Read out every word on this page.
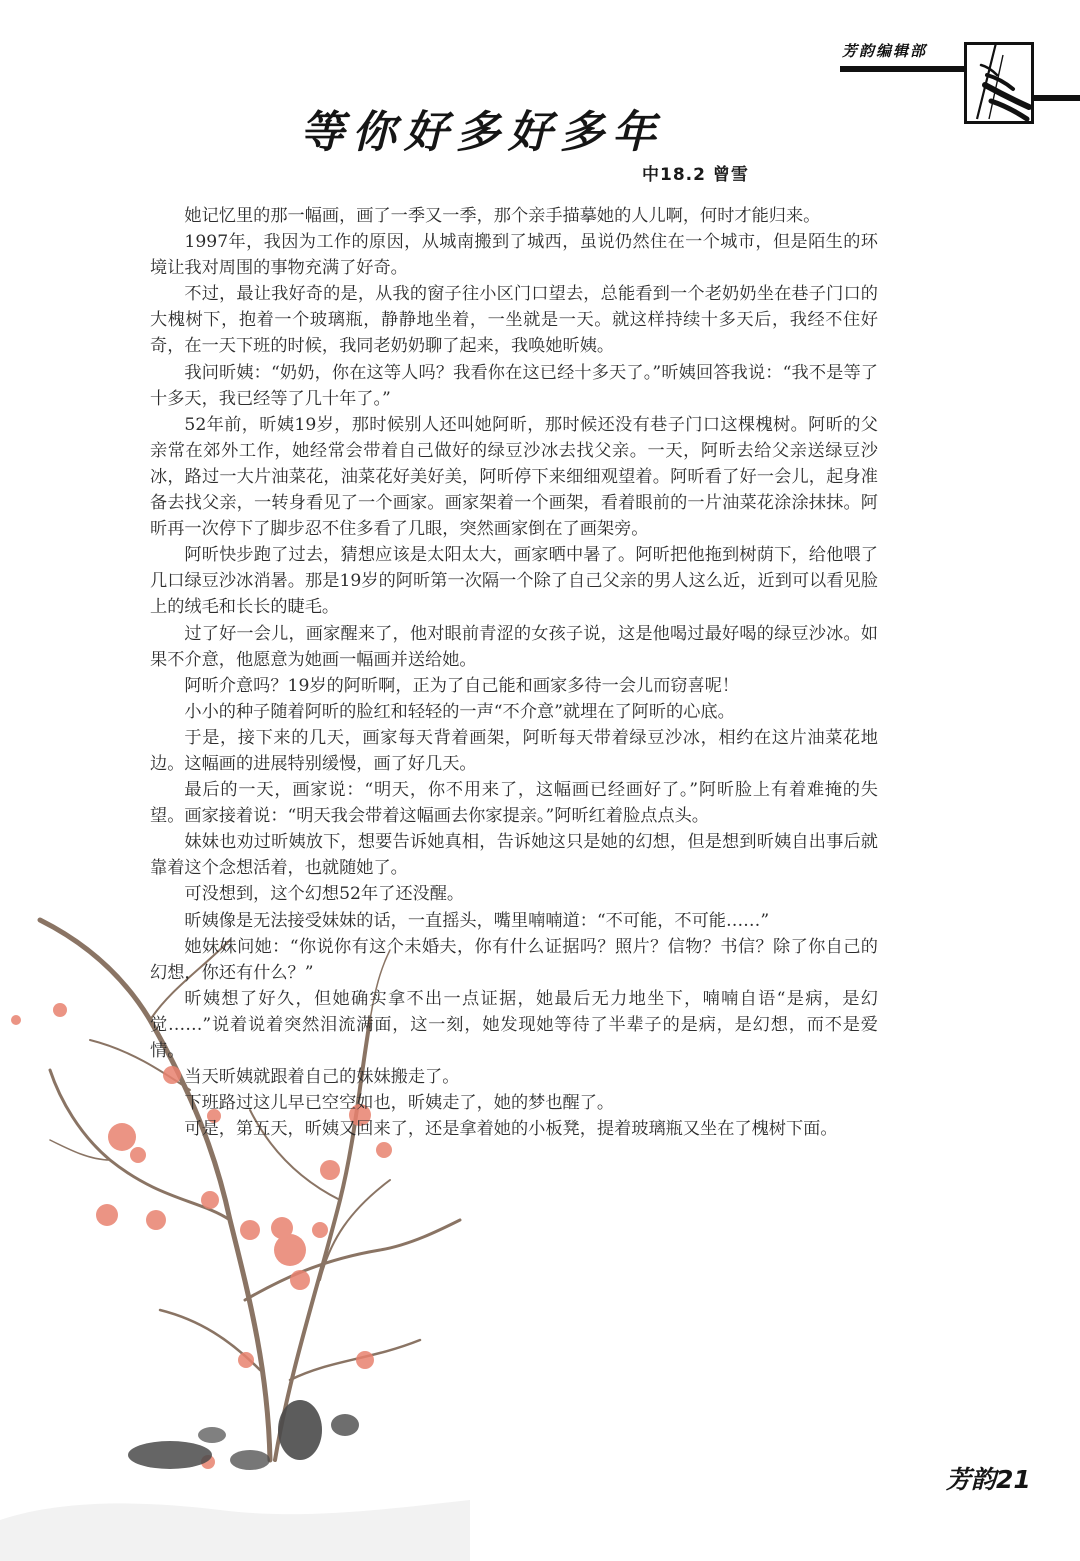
芳韵编辑部
等你好多好多年
中18.2 曾雪

她记忆里的那一幅画，画了一季又一季，那个亲手描摹她的人儿啊，何时才能归来。

1997年，我因为工作的原因，从城南搬到了城西，虽说仍然住在一个城市，但是陌生的环境让我对周围的事物充满了好奇。

不过，最让我好奇的是，从我的窗子往小区门口望去，总能看到一个老奶奶坐在巷子门口的大槐树下，抱着一个玻璃瓶，静静地坐着，一坐就是一天。就这样持续十多天后，我经不住好奇，在一天下班的时候，我同老奶奶聊了起来，我唤她昕姨。

我问昕姨：“奶奶，你在这等人吗？我看你在这已经十多天了。”昕姨回答我说：“我不是等了十多天，我已经等了几十年了。”

52年前，昕姨19岁，那时候别人还叫她阿昕，那时候还没有巷子门口这棵槐树。阿昕的父亲常在郊外工作，她经常会带着自己做好的绿豆沙冰去找父亲。一天，阿昕去给父亲送绿豆沙冰，路过一大片油菜花，油菜花好美好美，阿昕停下来细细观望着。阿昕看了好一会儿，起身准备去找父亲，一转身看见了一个画家。画家架着一个画架，看着眼前的一片油菜花涂涂抹抹。阿昕再一次停下了脚步忍不住多看了几眼，突然画家倒在了画架旁。

阿昕快步跑了过去，猜想应该是太阳太大，画家晒中暑了。阿昕把他拖到树荫下，给他喂了几口绿豆沙冰消暑。那是19岁的阿昕第一次隔一个除了自己父亲的男人这么近，近到可以看见脸上的绒毛和长长的睫毛。

过了好一会儿，画家醒来了，他对眼前青涩的女孩子说，这是他喝过最好喝的绿豆沙冰。如果不介意，他愿意为她画一幅画并送给她。

阿昕介意吗？19岁的阿昕啊，正为了自己能和画家多待一会儿而窃喜呢！

小小的种子随着阿昕的脸红和轻轻的一声“不介意”就埋在了阿昕的心底。

于是，接下来的几天，画家每天背着画架，阿昕每天带着绿豆沙冰，相约在这片油菜花地边。这幅画的进展特别缓慢，画了好几天。

最后的一天，画家说：“明天，你不用来了，这幅画已经画好了。”阿昕脸上有着难掩的失望。画家接着说：“明天我会带着这幅画去你家提亲。”阿昕红着脸点点头。

妹妹也劝过昕姨放下，想要告诉她真相，告诉她这只是她的幻想，但是想到昕姨自出事后就靠着这个念想活着，也就随她了。

可没想到，这个幻想52年了还没醒。

昕姨像是无法接受妹妹的话，一直摇头，嘴里喃喃道：“不可能，不可能……”

她妹妹问她：“你说你有这个未婚夫，你有什么证据吗？照片？信物？书信？除了你自己的幻想，你还有什么？”

昕姨想了好久，但她确实拿不出一点证据，她最后无力地坐下，喃喃自语“是病，是幻觉……”说着说着突然泪流满面，这一刻，她发现她等待了半辈子的是病，是幻想，而不是爱情。

当天昕姨就跟着自己的妹妹搬走了。

下班路过这儿早已空空如也，昕姨走了，她的梦也醒了。

可是，第五天，昕姨又回来了，还是拿着她的小板凳，提着玻璃瓶又坐在了槐树下面。

芳韵21
